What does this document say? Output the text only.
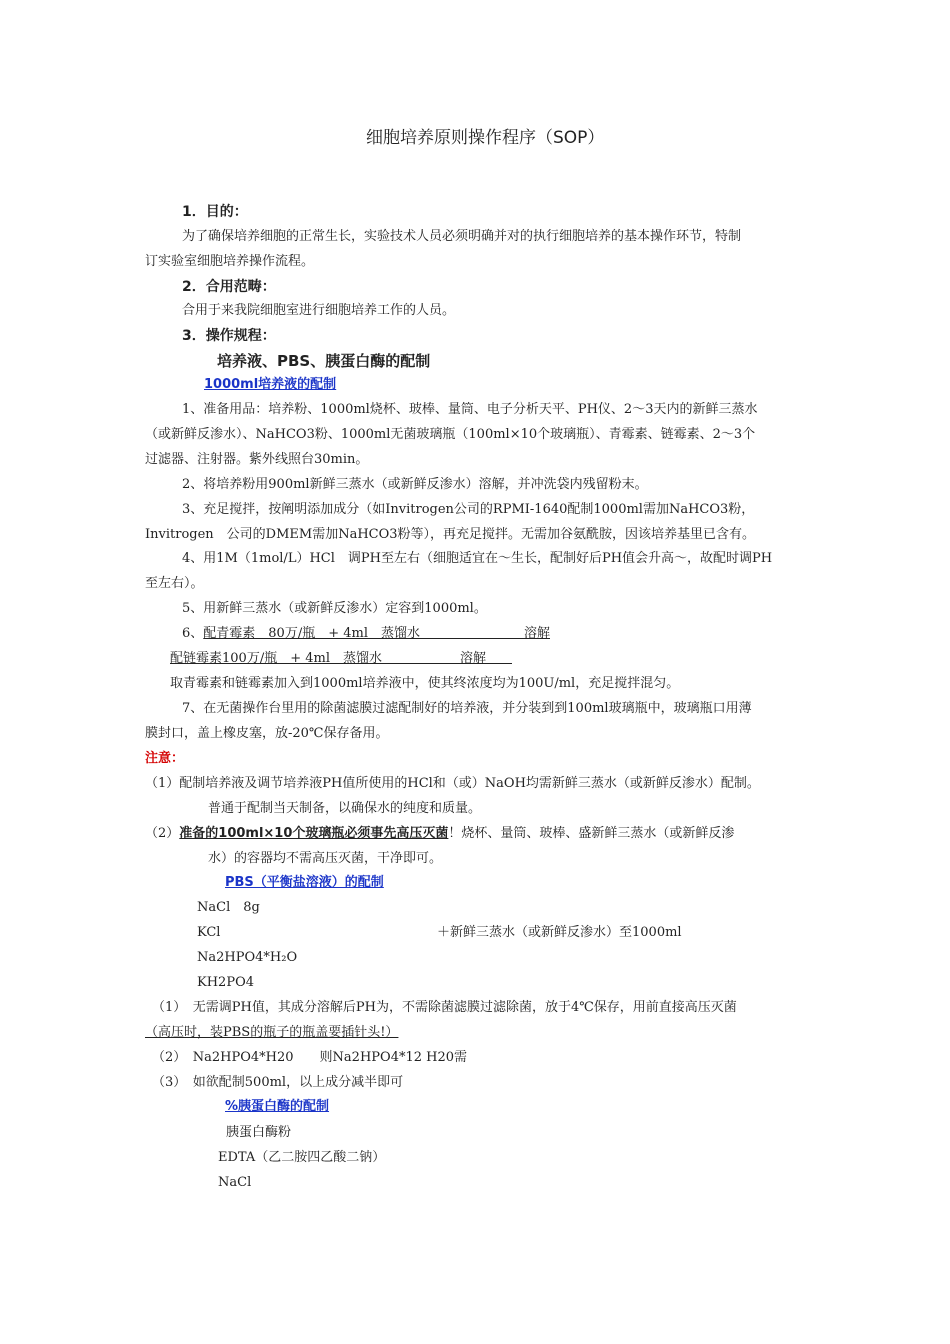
细胞培养原则操作程序（SOP）
1．目的：
为了确保培养细胞的正常生长，实验技术人员必须明确并对的执行细胞培养的基本操作环节，特制
订实验室细胞培养操作流程。
2．合用范畴：
合用于来我院细胞室进行细胞培养工作的人员。
3．操作规程：
培养液、PBS、胰蛋白酶的配制
1000ml培养液的配制
1、准备用品：培养粉、1000ml烧杯、玻棒、量筒、电子分析天平、PH仪、2～3天内的新鲜三蒸水
（或新鲜反渗水）、NaHCO3粉、1000ml无菌玻璃瓶（100ml×10个玻璃瓶）、青霉素、链霉素、2～3个
过滤器、注射器。紫外线照台30min。
2、将培养粉用900ml新鲜三蒸水（或新鲜反渗水）溶解，并冲洗袋内残留粉末。
3、充足搅拌，按阐明添加成分（如Invitrogen公司的RPMI-1640配制1000ml需加NaHCO3粉，
Invitrogen　公司的DMEM需加NaHCO3粉等），再充足搅拌。无需加谷氨酰胺，因该培养基里已含有。
4、用1M（1mol/L）HCl　调PH至左右（细胞适宜在～生长，配制好后PH值会升高～，故配时调PH
至左右）。
5、用新鲜三蒸水（或新鲜反渗水）定容到1000ml。
6、配青霉素　80万/瓶　+ 4ml　蒸馏水　　　　　　　　溶解
配链霉素100万/瓶　+ 4ml　蒸馏水　　　　　　溶解　　
取青霉素和链霉素加入到1000ml培养液中，使其终浓度均为100U/ml，充足搅拌混匀。
7、在无菌操作台里用的除菌滤膜过滤配制好的培养液，并分装到到100ml玻璃瓶中，玻璃瓶口用薄
膜封口，盖上橡皮塞，放-20℃保存备用。
注意：
（1）配制培养液及调节培养液PH值所使用的HCl和（或）NaOH均需新鲜三蒸水（或新鲜反渗水）配制。
普通于配制当天制备，以确保水的纯度和质量。
（2）准备的100ml×10个玻璃瓶必须事先高压灭菌！烧杯、量筒、玻棒、盛新鲜三蒸水（或新鲜反渗
水）的容器均不需高压灭菌，干净即可。
PBS（平衡盐溶液）的配制
NaCl　8g
KCl	＋新鲜三蒸水（或新鲜反渗水）至1000ml
Na2HPO4*H₂O
KH2PO4
（1）　无需调PH值，其成分溶解后PH为，不需除菌滤膜过滤除菌，放于4℃保存，用前直接高压灭菌
（高压时，装PBS的瓶子的瓶盖要插针头!）
（2）　Na2HPO4*H20　　则Na2HPO4*12 H20需
（3）　如欲配制500ml，以上成分减半即可
%胰蛋白酶的配制
胰蛋白酶粉
EDTA（乙二胺四乙酸二钠）
NaCl
